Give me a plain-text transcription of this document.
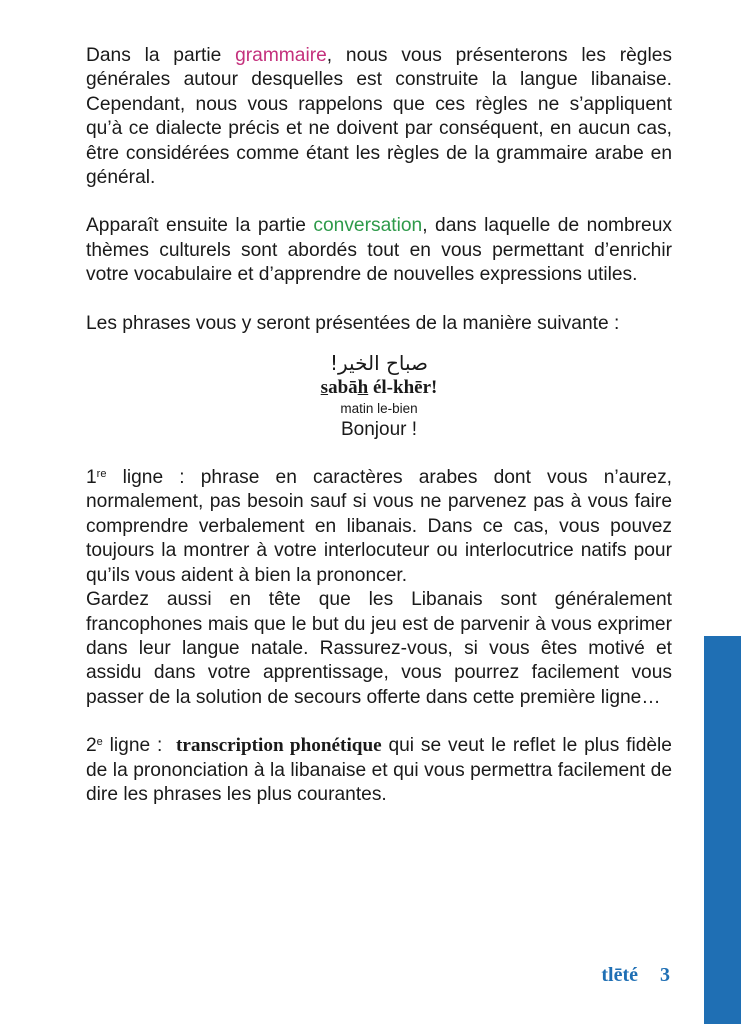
Dans la partie grammaire, nous vous présenterons les règles générales autour desquelles est construite la langue libanaise. Cependant, nous vous rappelons que ces règles ne s’appliquent qu’à ce dialecte précis et ne doivent par conséquent, en aucun cas, être considérées comme étant les règles de la grammaire arabe en général.

Apparaît ensuite la partie conversation, dans laquelle de nombreux thèmes culturels sont abordés tout en vous permettant d’enrichir votre vocabulaire et d’apprendre de nouvelles expressions utiles.

Les phrases vous y seront présentées de la manière suivante :

صباح الخير!
sabāh él-khēr!
matin le-bien
Bonjour !

1re ligne : phrase en caractères arabes dont vous n’aurez, normalement, pas besoin sauf si vous ne parvenez pas à vous faire comprendre verbalement en libanais. Dans ce cas, vous pouvez toujours la montrer à votre interlocuteur ou interlocutrice natifs pour qu’ils vous aident à bien la prononcer.

Gardez aussi en tête que les Libanais sont généralement francophones mais que le but du jeu est de parvenir à vous exprimer dans leur langue natale. Rassurez-vous, si vous êtes motivé et assidu dans votre apprentissage, vous pourrez facilement vous passer de la solution de secours offerte dans cette première ligne…

2e ligne :  transcription phonétique qui se veut le reflet le plus fidèle de la prononciation à la libanaise et qui vous permettra facilement de dire les phrases les plus courantes.

tlēté 3
